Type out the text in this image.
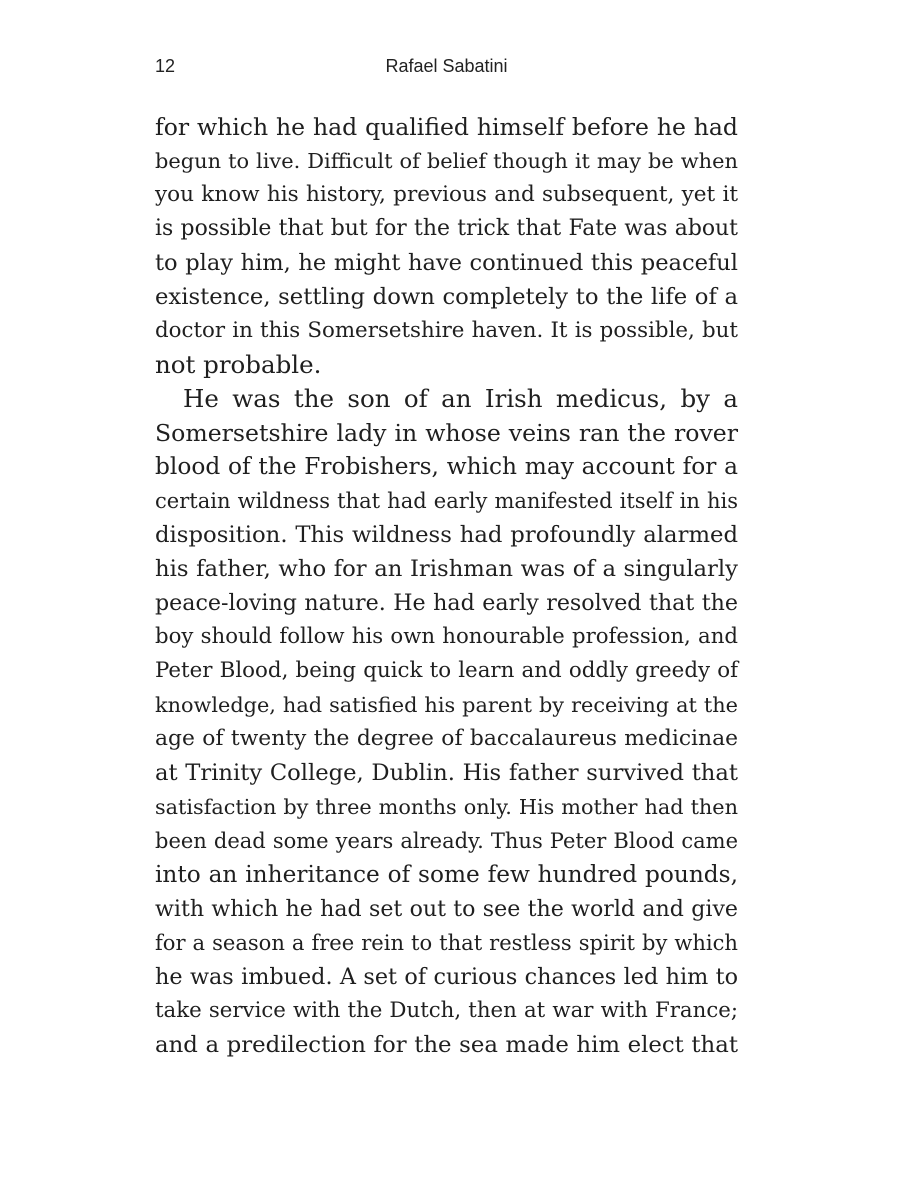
12	Rafael Sabatini
for which he had qualified himself before he had
begun to live. Difficult of belief though it may be when
you know his history, previous and subsequent, yet it
is possible that but for the trick that Fate was about
to play him, he might have continued this peaceful
existence, settling down completely to the life of a
doctor in this Somersetshire haven. It is possible, but
not probable.
He was the son of an Irish medicus, by a
Somersetshire lady in whose veins ran the rover
blood of the Frobishers, which may account for a
certain wildness that had early manifested itself in his
disposition. This wildness had profoundly alarmed
his father, who for an Irishman was of a singularly
peace-loving nature. He had early resolved that the
boy should follow his own honourable profession, and
Peter Blood, being quick to learn and oddly greedy of
knowledge, had satisfied his parent by receiving at the
age of twenty the degree of baccalaureus medicinae
at Trinity College, Dublin. His father survived that
satisfaction by three months only. His mother had then
been dead some years already. Thus Peter Blood came
into an inheritance of some few hundred pounds,
with which he had set out to see the world and give
for a season a free rein to that restless spirit by which
he was imbued. A set of curious chances led him to
take service with the Dutch, then at war with France;
and a predilection for the sea made him elect that
